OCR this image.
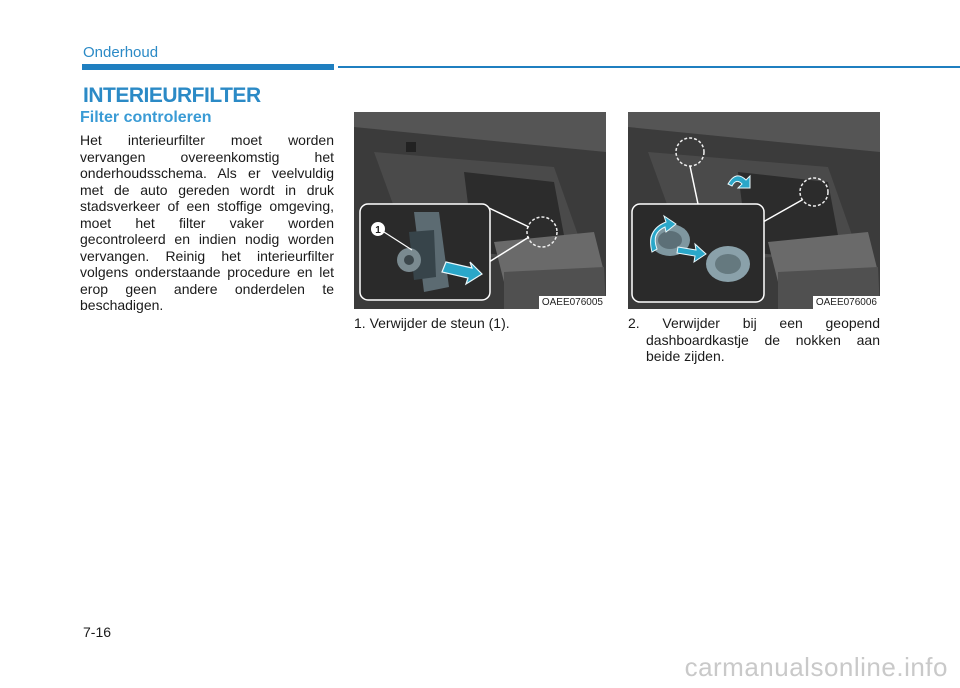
Onderhoud
INTERIEURFILTER
Filter controleren
Het interieurfilter moet worden vervangen overeenkomstig het onderhoudsschema. Als er veelvuldig met de auto gereden wordt in druk stadsverkeer of een stoffige omgeving, moet het filter vaker worden gecontroleerd en indien nodig worden vervangen. Reinig het interieurfilter volgens onderstaande procedure en let erop geen andere onderdelen te beschadigen.
1
OAEE076005
1. Verwijder de steun (1).
OAEE076006
2. Verwijder bij een geopend dashboardkastje de nokken aan beide zijden.
7-16
carmanualsonline.info
